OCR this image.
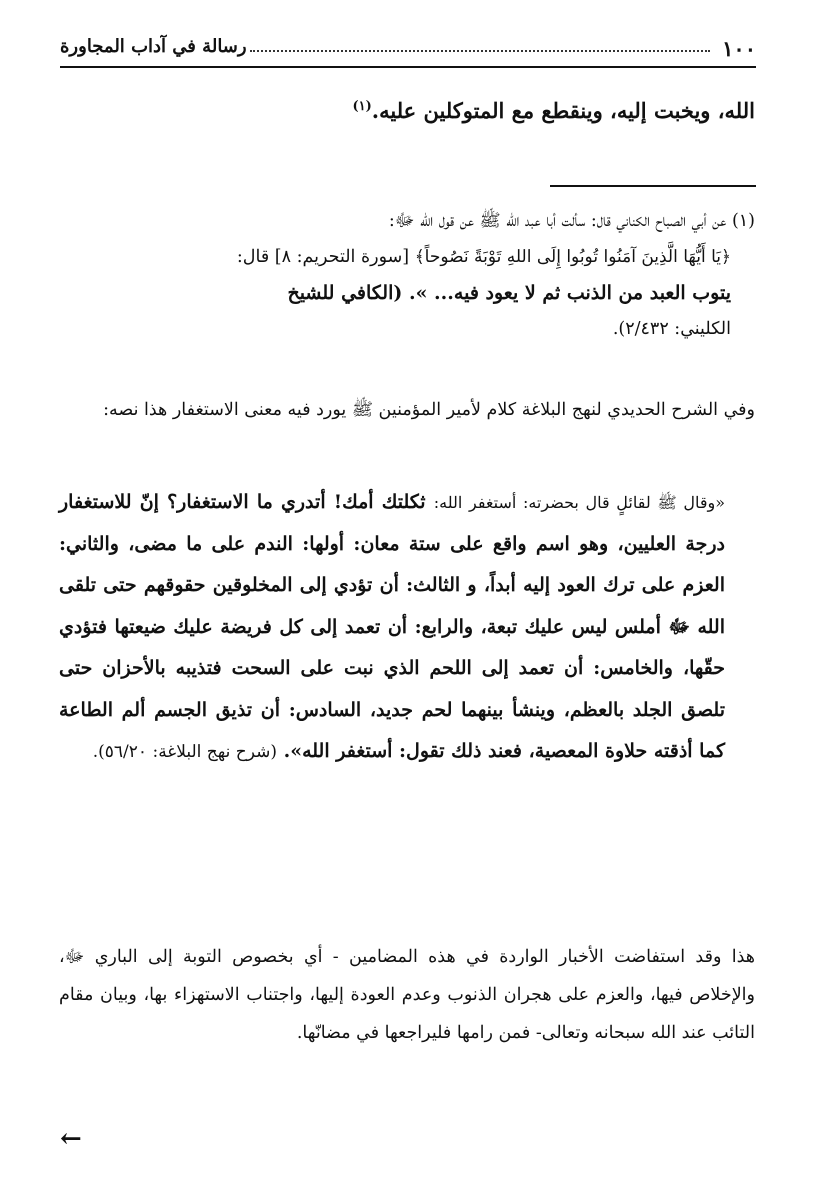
١٠٠
رسالة في آداب المجاورة
الله، ويخبت إليه، وينقطع مع المتوكلين عليه.$^{(١)}$
(١) عن أبي الصباح الكناني قال: سألت أبا عبد الله ﷺ عن قول الله ﷻ:
﴿يَا أَيُّهَا الَّذِينَ آمَنُوا تُوبُوا إِلَى اللهِ تَوْبَةً نَصُوحاً﴾ [سورة التحريم: ٨] قال:
يتوب العبد من الذنب ثم لا يعود فيه... ». (الكافي للشيخ
الكليني: ٢/٤٣٢).
وفي الشرح الحديدي لنهج البلاغة كلام لأمير المؤمنين ﷺ يورد فيه معنى الاستغفار هذا نصه:
«وقال ﷺ لقائلٍ قال بحضرته: أستغفر الله: ثكلتك أمك! أتدري ما الاستغفار؟ إنّ للاستغفار درجة العليين، وهو اسم واقع على ستة معان: أولها: الندم على ما مضى، والثاني: العزم على ترك العود إليه أبداً، و الثالث: أن تؤدي إلى المخلوقين حقوقهم حتى تلقى الله ﷻ أملس ليس عليك تبعة، والرابع: أن تعمد إلى كل فريضة عليك ضيعتها فتؤدي حقّها، والخامس: أن تعمد إلى اللحم الذي نبت على السحت فتذيبه بالأحزان حتى تلصق الجلد بالعظم، وينشأ بينهما لحم جديد، السادس: أن تذيق الجسم ألم الطاعة كما أذقته حلاوة المعصية، فعند ذلك تقول: أستغفر الله». (شرح نهج البلاغة: ٥٦/٢٠).
هذا وقد استفاضت الأخبار الواردة في هذه المضامين - أي بخصوص التوبة إلى الباري ﷻ، والإخلاص فيها، والعزم على هجران الذنوب وعدم العودة إليها، واجتناب الاستهزاء بها، وبيان مقام التائب عند الله سبحانه وتعالى- فمن رامها فليراجعها في مضانّها.
←
